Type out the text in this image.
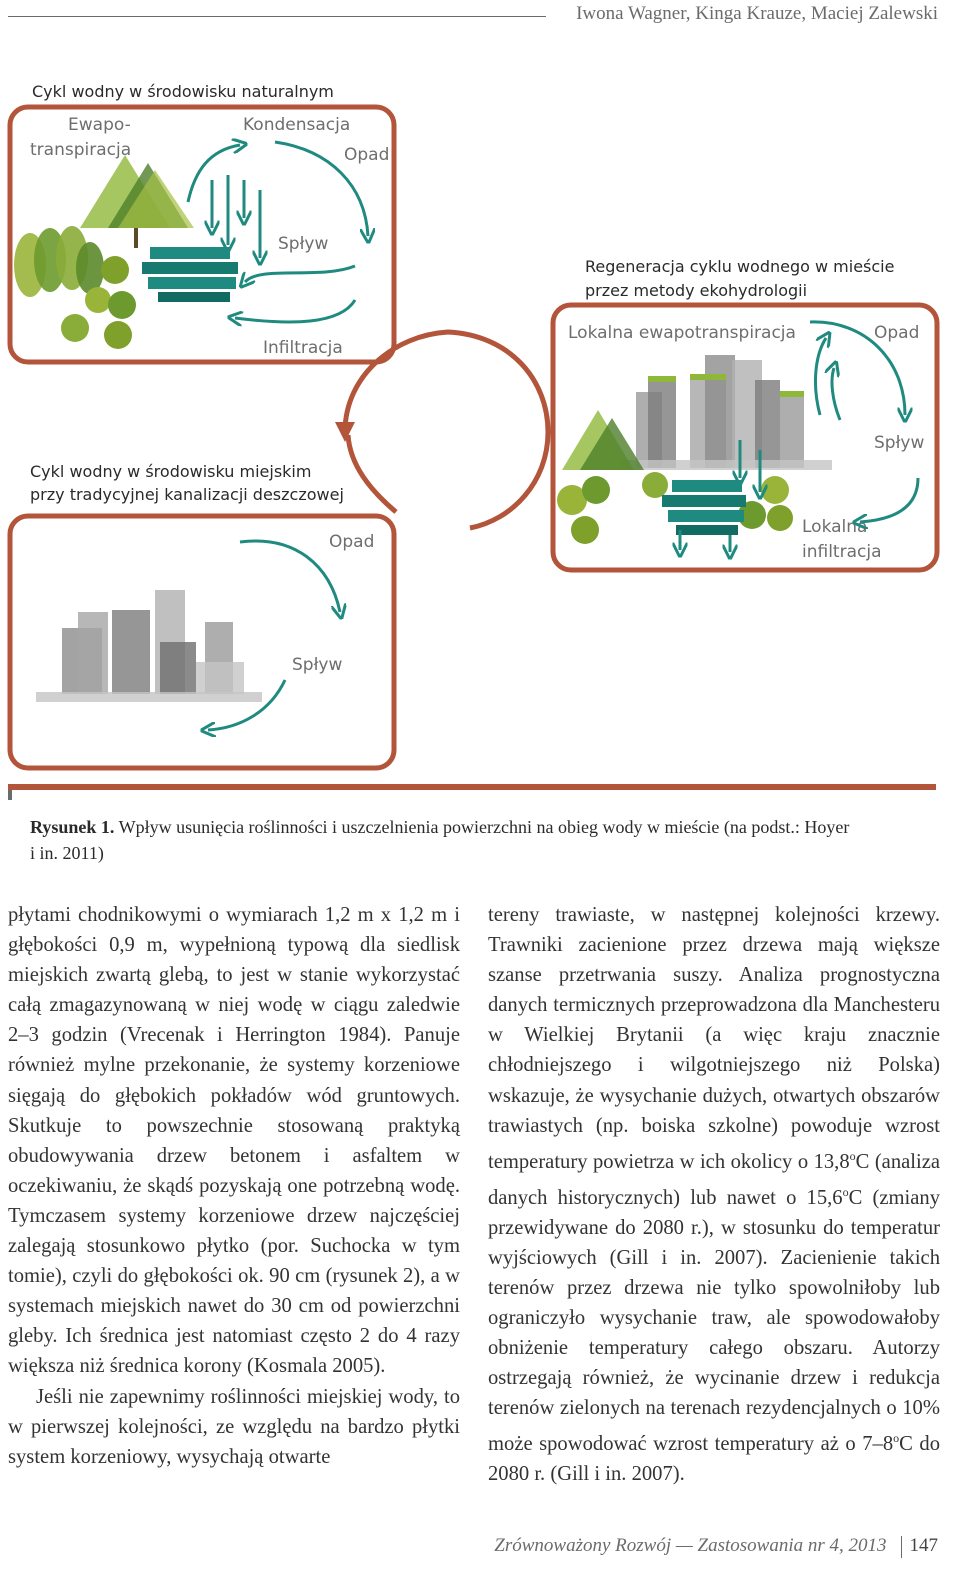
Iwona Wagner, Kinga Krauze, Maciej Zalewski
Cykl wodny w środowisku naturalnym
Ewapo-
transpiracja
Kondensacja
Opad
Spływ
Infiltracja
Regeneracja cyklu wodnego w mieście
przez metody ekohydrologii
Lokalna ewapotranspiracja	Opad
Spływ
Lokalna
infiltracja
Cykl wodny w środowisku miejskim
przy tradycyjnej kanalizacji deszczowej
Opad
Spływ
Rysunek 1. Wpływ usunięcia roślinności i uszczelnienia powierzchni na obieg wody w mieście (na podst.: Hoyer i in. 2011)

płytami chodnikowymi o wymiarach 1,2 m x 1,2 m i głębokości 0,9 m, wypełnioną typową dla siedlisk miejskich zwartą glebą, to jest w stanie wykorzystać całą zmagazynowaną w niej wodę w ciągu zaledwie 2–3 godzin (Vrecenak i Herrington 1984). Panuje również mylne przekonanie, że systemy korzeniowe sięgają do głębokich pokładów wód gruntowych. Skutkuje to powszechnie stosowaną praktyką obudowywania drzew betonem i asfaltem w oczekiwaniu, że skądś pozyskają one potrzebną wodę. Tymczasem systemy korzeniowe drzew najczęściej zalegają stosunkowo płytko (por. Suchocka w tym tomie), czyli do głębokości ok. 90 cm (rysunek 2), a w systemach miejskich nawet do 30 cm od powierzchni gleby. Ich średnica jest natomiast często 2 do 4 razy większa niż średnica korony (Kosmala 2005).

Jeśli nie zapewnimy roślinności miejskiej wody, to w pierwszej kolejności, ze względu na bardzo płytki system korzeniowy, wysychają otwarte

tereny trawiaste, w następnej kolejności krzewy. Trawniki zacienione przez drzewa mają większe szanse przetrwania suszy. Analiza prognostyczna danych termicznych przeprowadzona dla Manchesteru w Wielkiej Brytanii (a więc kraju znacznie chłodniejszego i wilgotniejszego niż Polska) wskazuje, że wysychanie dużych, otwartych obszarów trawiastych (np. boiska szkolne) powoduje wzrost temperatury powietrza w ich okolicy o 13,8$^o$C (analiza danych historycznych) lub nawet o 15,6$^o$C (zmiany przewidywane do 2080 r.), w stosunku do temperatur wyjściowych (Gill i in. 2007). Zacienienie takich terenów przez drzewa nie tylko spowolniłoby lub ograniczyło wysychanie traw, ale spowodowałoby obniżenie temperatury całego obszaru. Autorzy ostrzegają również, że wycinanie drzew i redukcja terenów zielonych na terenach rezydencjalnych o 10% może spowodować wzrost temperatury aż o 7–8$^o$C do 2080 r. (Gill i in. 2007).

Zrównoważony Rozwój — Zastosowania nr 4, 2013 147
